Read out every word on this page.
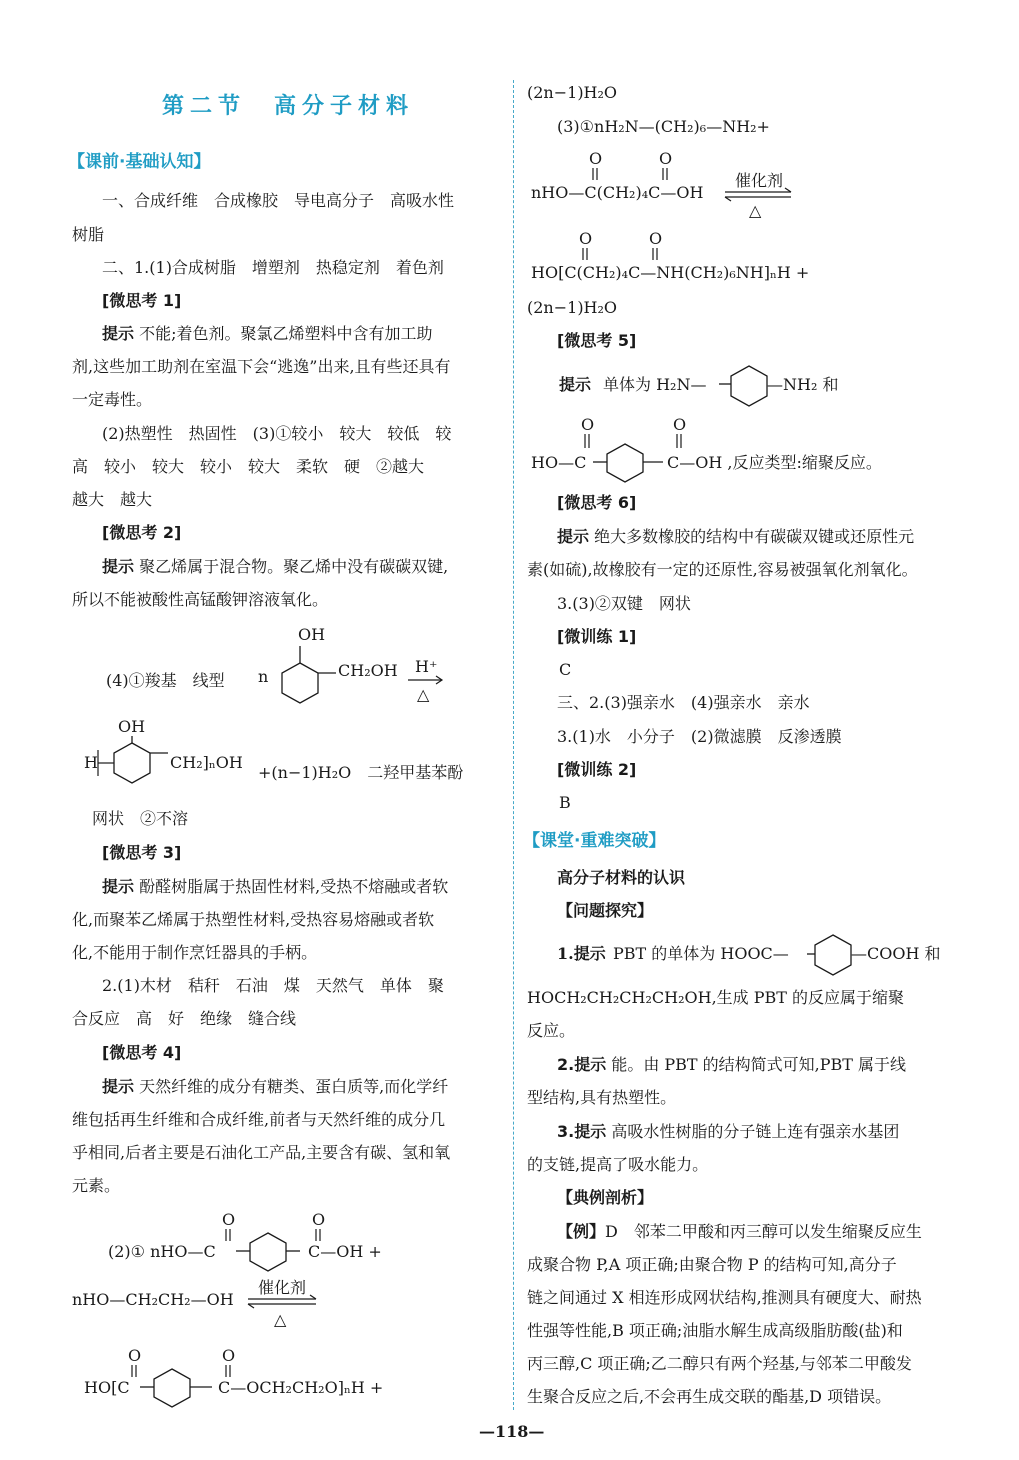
第二节　高分子材料
【课前·基础认知】
一、合成纤维　合成橡胶　导电高分子　高吸水性
树脂
二、1.(1)合成树脂　增塑剂　热稳定剂　着色剂
[微思考 1]
提示 不能;着色剂。聚氯乙烯塑料中含有加工助
剂,这些加工助剂在室温下会“逃逸”出来,且有些还具有
一定毒性。
(2)热塑性　热固性　(3)①较小　较大　较低　较
高　较小　较大　较小　较大　柔软　硬　②越大
越大　越大
[微思考 2]
提示 聚乙烯属于混合物。聚乙烯中没有碳碳双键,
所以不能被酸性高锰酸钾溶液氧化。
(4)①羧基　线型 n
OH
CH₂OH H⁺
△
OH
H	CH₂]ₙOH
+(n−1)H₂O　二羟甲基苯酚
网状　②不溶
[微思考 3]
提示 酚醛树脂属于热固性材料,受热不熔融或者软
化,而聚苯乙烯属于热塑性材料,受热容易熔融或者软
化,不能用于制作烹饪器具的手柄。
2.(1)木材　秸秆　石油　煤　天然气　单体　聚
合反应　高　好　绝缘　缝合线
[微思考 4]
提示 天然纤维的成分有糖类、蛋白质等,而化学纤
维包括再生纤维和合成纤维,前者与天然纤维的成分几
乎相同,后者主要是石油化工产品,主要含有碳、氢和氧
元素。
(2)① nHO—C
O
C—OH +
O
nHO—CH₂CH₂—OH
催化剂
△
HO[C
O
C—OCH₂CH₂O]ₙH +
O
(2n−1)H₂O
(3)①nH₂N—(CH₂)₆—NH₂+
nHO—C(CH₂)₄C—OH
O	O
催化剂
△
HO[C(CH₂)₄C—NH(CH₂)₆NH]ₙH +
O	O
(2n−1)H₂O
[微思考 5]
提示 单体为 H₂N—	—NH₂ 和
HO—C
O
C—OH ,反应类型:缩聚反应。
O
[微思考 6]
提示 绝大多数橡胶的结构中有碳碳双键或还原性元
素(如硫),故橡胶有一定的还原性,容易被强氧化剂氧化。
3.(3)②双键　网状
[微训练 1]
C
三、2.(3)强亲水　(4)强亲水　亲水
3.(1)水　小分子　(2)微滤膜　反渗透膜
[微训练 2]
B
【课堂·重难突破】
高分子材料的认识
【问题探究】
1.提示 PBT 的单体为 HOOC—	—COOH 和
HOCH₂CH₂CH₂CH₂OH,生成 PBT 的反应属于缩聚
反应。
2.提示 能。由 PBT 的结构简式可知,PBT 属于线
型结构,具有热塑性。
3.提示 高吸水性树脂的分子链上连有强亲水基团
的支链,提高了吸水能力。
【典例剖析】
【例】D　邻苯二甲酸和丙三醇可以发生缩聚反应生
成聚合物 P,A 项正确;由聚合物 P 的结构可知,高分子
链之间通过 X 相连形成网状结构,推测具有硬度大、耐热
性强等性能,B 项正确;油脂水解生成高级脂肪酸(盐)和
丙三醇,C 项正确;乙二醇只有两个羟基,与邻苯二甲酸发
生聚合反应之后,不会再生成交联的酯基,D 项错误。
—118—
